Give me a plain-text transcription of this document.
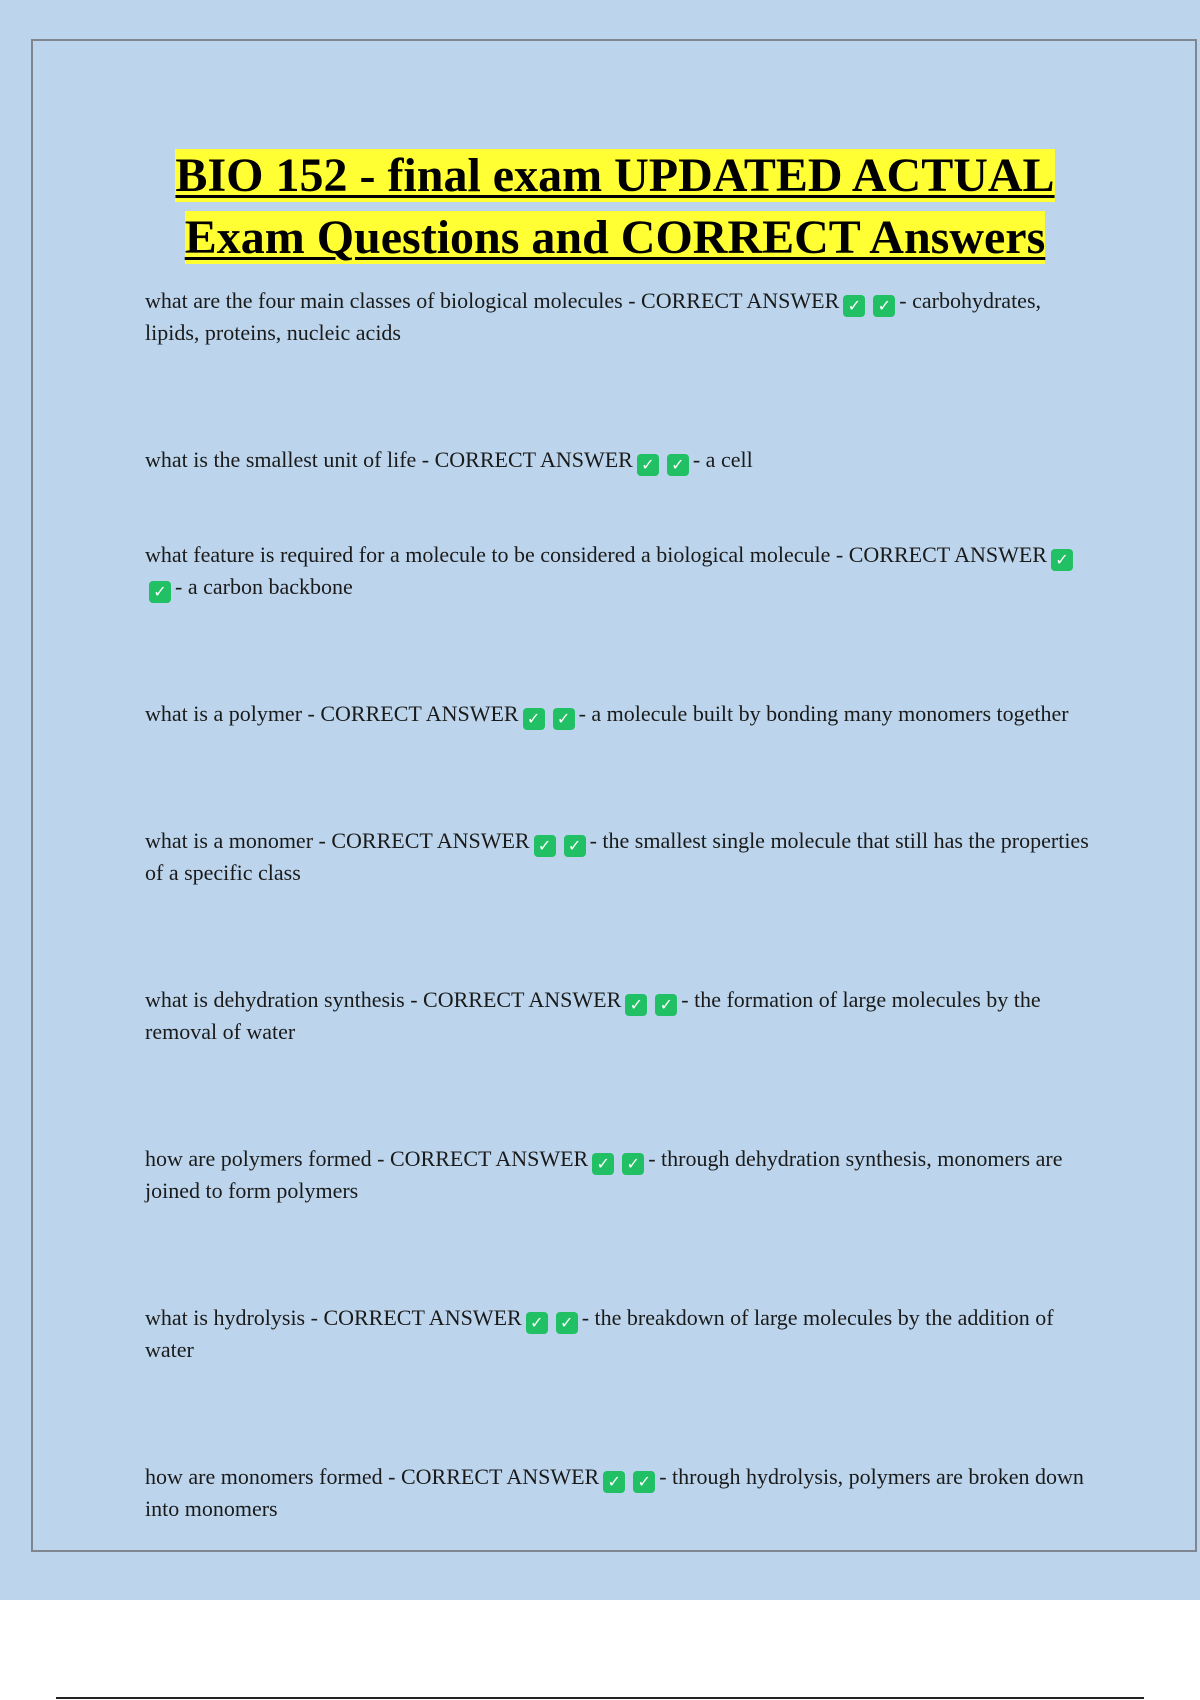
BIO 152 - final exam UPDATED ACTUAL
Exam Questions and CORRECT Answers

what are the four main classes of biological molecules - CORRECT ANSWER ✓ ✓ - carbohydrates, lipids, proteins, nucleic acids

what is the smallest unit of life - CORRECT ANSWER ✓ ✓ - a cell

what feature is required for a molecule to be considered a biological molecule - CORRECT ANSWER ✓✓ - a carbon backbone

what is a polymer - CORRECT ANSWER ✓ ✓ - a molecule built by bonding many monomers together

what is a monomer - CORRECT ANSWER ✓ ✓ - the smallest single molecule that still has the properties of a specific class

what is dehydration synthesis - CORRECT ANSWER ✓ ✓ - the formation of large molecules by the removal of water

how are polymers formed - CORRECT ANSWER ✓ ✓ - through dehydration synthesis, monomers are joined to form polymers

what is hydrolysis - CORRECT ANSWER ✓ ✓ - the breakdown of large molecules by the addition of water

how are monomers formed - CORRECT ANSWER ✓ ✓ - through hydrolysis, polymers are broken down into monomers
